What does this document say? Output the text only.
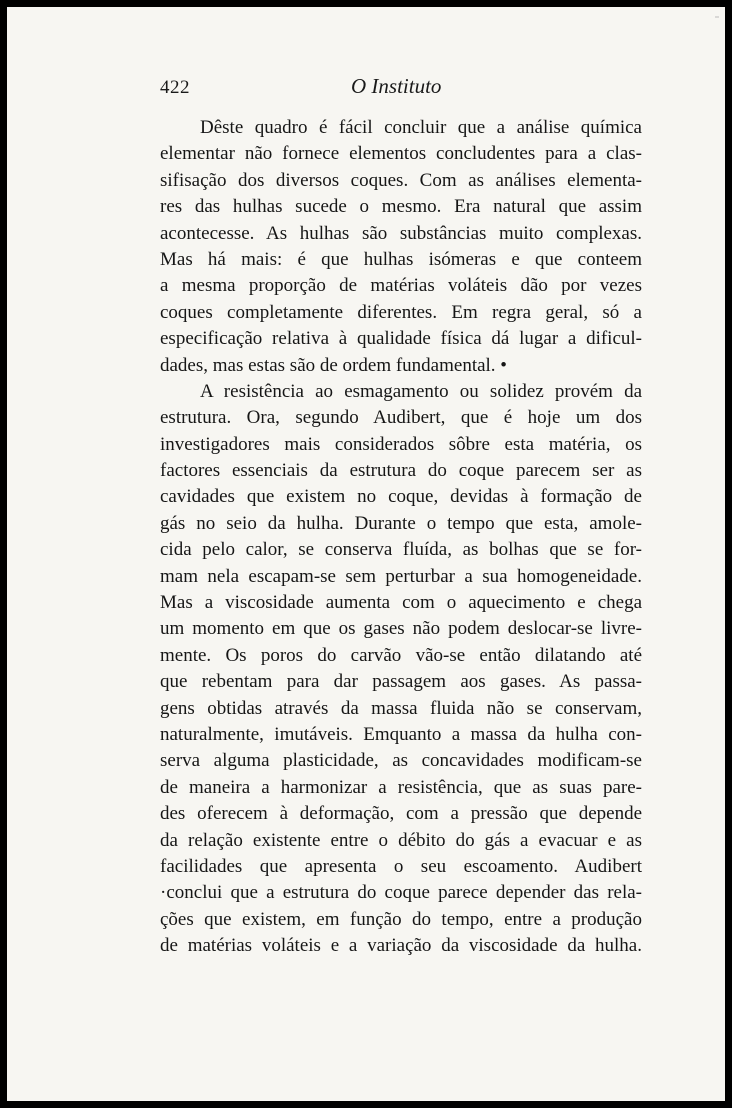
422	O Instituto
Dêste quadro é fácil concluir que a análise química
elementar não fornece elementos concludentes para a clas-
sifisação dos diversos coques. Com as análises elementa-
res das hulhas sucede o mesmo. Era natural que assim
acontecesse. As hulhas são substâncias muito complexas.
Mas há mais: é que hulhas isómeras e que conteem
a mesma proporção de matérias voláteis dão por vezes
coques completamente diferentes. Em regra geral, só a
especificação relativa à qualidade física dá lugar a dificul-
dades, mas estas são de ordem fundamental. •
A resistência ao esmagamento ou solidez provém da
estrutura. Ora, segundo Audibert, que é hoje um dos
investigadores mais considerados sôbre esta matéria, os
factores essenciais da estrutura do coque parecem ser as
cavidades que existem no coque, devidas à formação de
gás no seio da hulha. Durante o tempo que esta, amole-
cida pelo calor, se conserva fluída, as bolhas que se for-
mam nela escapam-se sem perturbar a sua homogeneidade.
Mas a viscosidade aumenta com o aquecimento e chega
um momento em que os gases não podem deslocar-se livre-
mente. Os poros do carvão vão-se então dilatando até
que rebentam para dar passagem aos gases. As passa-
gens obtidas através da massa fluida não se conservam,
naturalmente, imutáveis. Emquanto a massa da hulha con-
serva alguma plasticidade, as concavidades modificam-se
de maneira a harmonizar a resistência, que as suas pare-
des oferecem à deformação, com a pressão que depende
da relação existente entre o débito do gás a evacuar e as
facilidades que apresenta o seu escoamento. Audibert
·conclui que a estrutura do coque parece depender das rela-
ções que existem, em função do tempo, entre a produção
de matérias voláteis e a variação da viscosidade da hulha.
